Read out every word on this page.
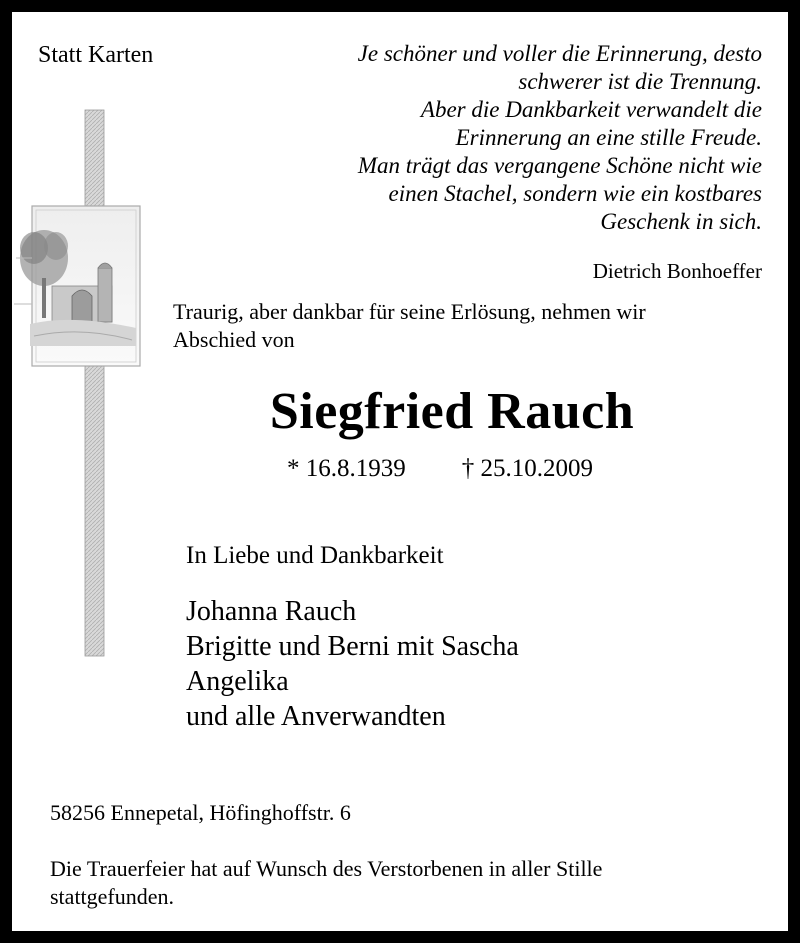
Statt Karten	Je schöner und voller die Erinnerung, desto
schwerer ist die Trennung.
Aber die Dankbarkeit verwandelt die
Erinnerung an eine stille Freude.
Man trägt das vergangene Schöne nicht wie
einen Stachel, sondern wie ein kostbares
Geschenk in sich.
Dietrich Bonhoeffer
Traurig, aber dankbar für seine Erlösung, nehmen wir
Abschied von
Siegfried Rauch
* 16.8.1939 † 25.10.2009
In Liebe und Dankbarkeit
Johanna Rauch
Brigitte und Berni mit Sascha
Angelika
und alle Anverwandten
58256 Ennepetal, Höfinghoffstr. 6
Die Trauerfeier hat auf Wunsch des Verstorbenen in aller Stille
stattgefunden.
